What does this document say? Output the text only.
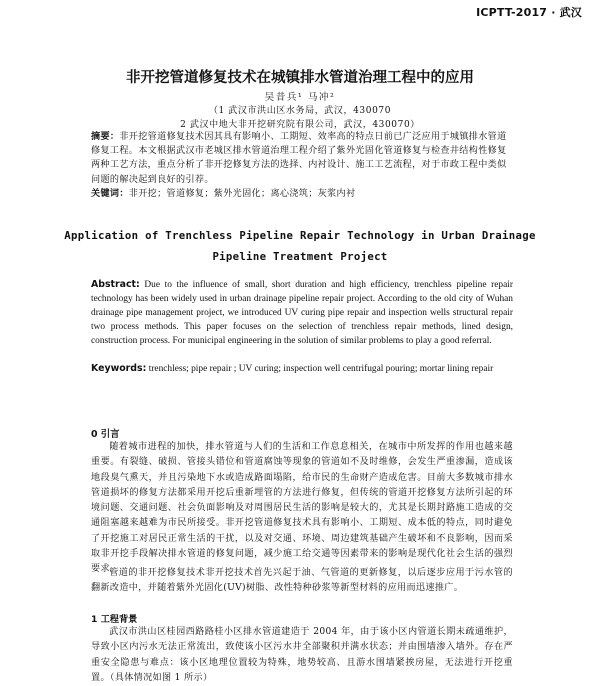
ICPTT-2017 · 武汉
非开挖管道修复技术在城镇排水管道治理工程中的应用
吴昔兵¹ 马冲²
（1 武汉市洪山区水务局，武汉，430070
2 武汉中地大非开挖研究院有限公司，武汉，430070）
摘要：非开挖管道修复技术因其具有影响小、工期短、效率高的特点日前已广泛应用于城镇排水管道修复工程。本文根据武汉市老城区排水管道治理工程介绍了紫外光固化管道修复与检查井结构性修复两种工艺方法，重点分析了非开挖修复方法的选择、内衬设计、施工工艺流程，对于市政工程中类似问题的解决起到良好的引荐。
关键词：非开挖；管道修复；紫外光固化；离心浇筑；灰浆内衬
Application of Trenchless Pipeline Repair Technology in Urban Drainage
Pipeline Treatment Project
Abstract: Due to the influence of small, short duration and high efficiency, trenchless pipeline repair technology has been widely used in urban drainage pipeline repair project. According to the old city of Wuhan drainage pipe management project, we introduced UV curing pipe repair and inspection wells structural repair two process methods. This paper focuses on the selection of trenchless repair methods, lined design, construction process. For municipal engineering in the solution of similar problems to play a good referral.
Keywords: trenchless; pipe repair ; UV curing; inspection well centrifugal pouring; mortar lining repair
0 引言
随着城市进程的加快，排水管道与人们的生活和工作息息相关，在城市中所发挥的作用也越来越重要。有裂缝、破损、管接头错位和管道腐蚀等现象的管道如不及时维修，会发生严重渗漏，造成该地段臭气熏天，并且污染地下水或造成路面塌陷，给市民的生命财产造成危害。目前大多数城市排水管道损坏的修复方法都采用开挖后重新埋管的方法进行修复，但传统的管道开挖修复方法所引起的环境问题、交通问题、社会负面影响及对周围居民生活的影响是较大的，尤其是长期封路施工造成的交通阻塞越来越难为市民所接受。非开挖管道修复技术具有影响小、工期短、成本低的特点，同时避免了开挖施工对居民正常生活的干扰，以及对交通、环境、周边建筑基础产生破坏和不良影响，因而采取非开挖手段解决排水管道的修复问题，减少施工给交通等因素带来的影响是现代化社会生活的强烈要求。
管道的非开挖修复技术非开挖技术首先兴起于油、气管道的更新修复，以后逐步应用于污水管的翻新改造中，并随着紫外光固化(UV)树脂、改性特种砂浆等新型材料的应用而迅速推广。
1 工程背景
武汉市洪山区桂园西路路桂小区排水管道建造于 2004 年，由于该小区内管道长期未疏通维护，导致小区内污水无法正常流出，致使该小区污水井全部聚积并满水状态；并由围墙渗入墙外。存在严重安全隐患与难点：该小区地理位置较为特殊，地势较高、且游水围墙紧挨房屋，无法进行开挖重置。（具体情况如图 1 所示）
